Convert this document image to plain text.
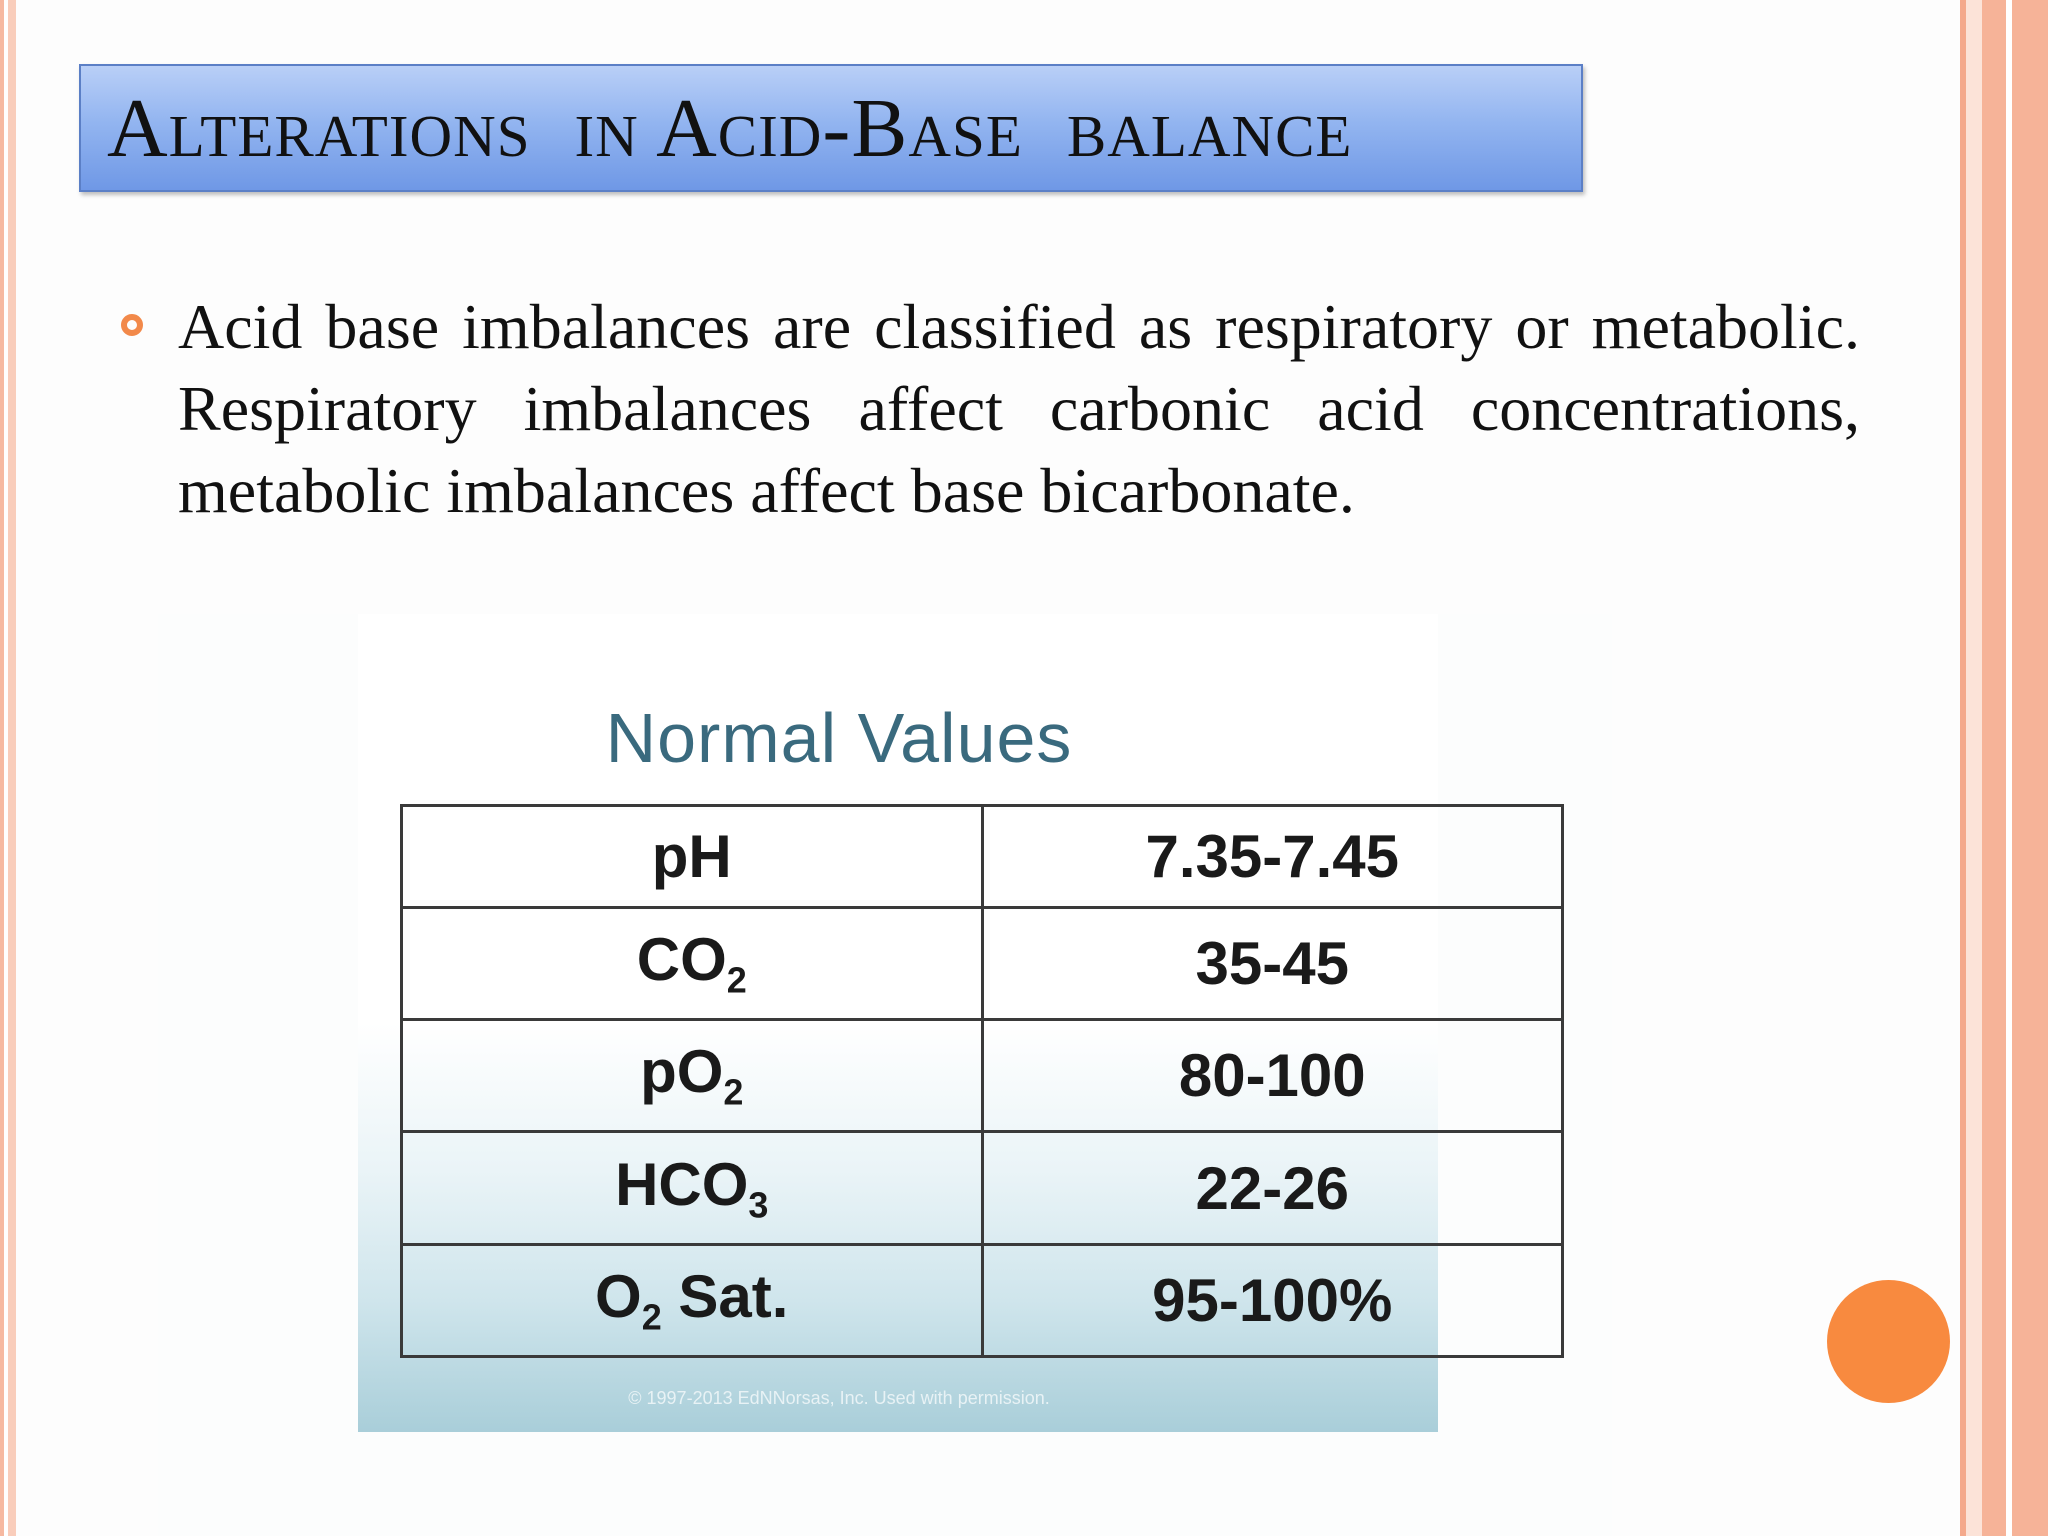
Alterations  in Acid-Base  balance

Acid base imbalances are classified as respiratory or metabolic. Respiratory imbalances affect carbonic acid concentrations, metabolic imbalances affect base bicarbonate.

Normal Values
pH	7.35-7.45
$CO_2$	35-45
$pO_2$	80-100
$HCO_3$	22-26
$O_2$ Sat.	95-100%
© 1997-2013 EdNNorsas, Inc. Used with permission.
